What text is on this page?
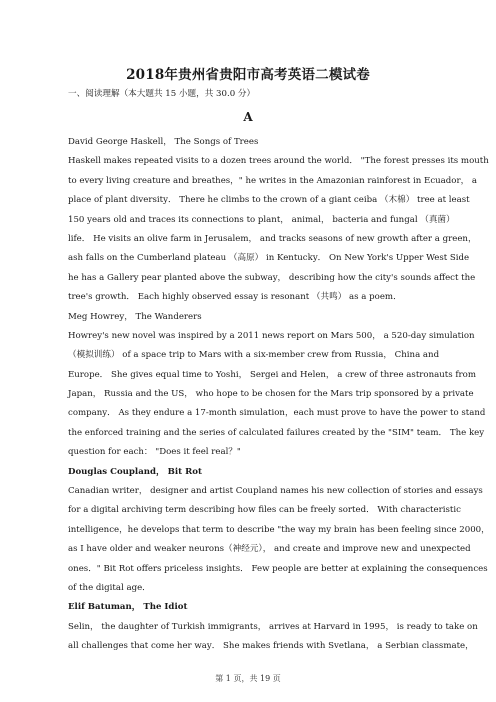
2018年贵州省贵阳市高考英语二模试卷
一、阅读理解（本大题共 15 小题，共 30.0 分）
A
David George Haskell， The Songs of Trees
Haskell makes repeated visits to a dozen trees around the world． "The forest presses its mouth
to every living creature and breathes，" he writes in the Amazonian rainforest in Ecuador， a
place of plant diversity． There he climbs to the crown of a giant ceiba （木棉） tree at least
150 years old and traces its connections to plant， animal， bacteria and fungal （真菌）
life． He visits an olive farm in Jerusalem， and tracks seasons of new growth after a green，
ash falls on the Cumberland plateau （高原） in Kentucky． On New York's Upper West Side
he has a Gallery pear planted above the subway， describing how the city's sounds affect the
tree's growth． Each highly observed essay is resonant （共鸣） as a poem．
Meg Howrey， The Wanderers
Howrey's new novel was inspired by a 2011 news report on Mars 500， a 520-day simulation
（模拟训练） of a space trip to Mars with a six-member crew from Russia， China and
Europe． She gives equal time to Yoshi， Sergei and Helen， a crew of three astronauts from
Japan， Russia and the US， who hope to be chosen for the Mars trip sponsored by a private
company． As they endure a 17-month simulation，each must prove to have the power to stand
the enforced training and the series of calculated failures created by the "SIM" team． The key
question for each： "Does it feel real？"
Douglas Coupland， Bit Rot
Canadian writer， designer and artist Coupland names his new collection of stories and essays
for a digital archiving term describing how files can be freely sorted． With characteristic
intelligence，he develops that term to describe "the way my brain has been feeling since 2000，
as I have older and weaker neurons（神经元）， and create and improve new and unexpected
ones．" Bit Rot offers priceless insights． Few people are better at explaining the consequences
of the digital age．
Elif Batuman， The Idiot
Selin， the daughter of Turkish immigrants， arrives at Harvard in 1995， is ready to take on
all challenges that come her way． She makes friends with Svetlana， a Serbian classmate，
第 1 页，共 19 页
